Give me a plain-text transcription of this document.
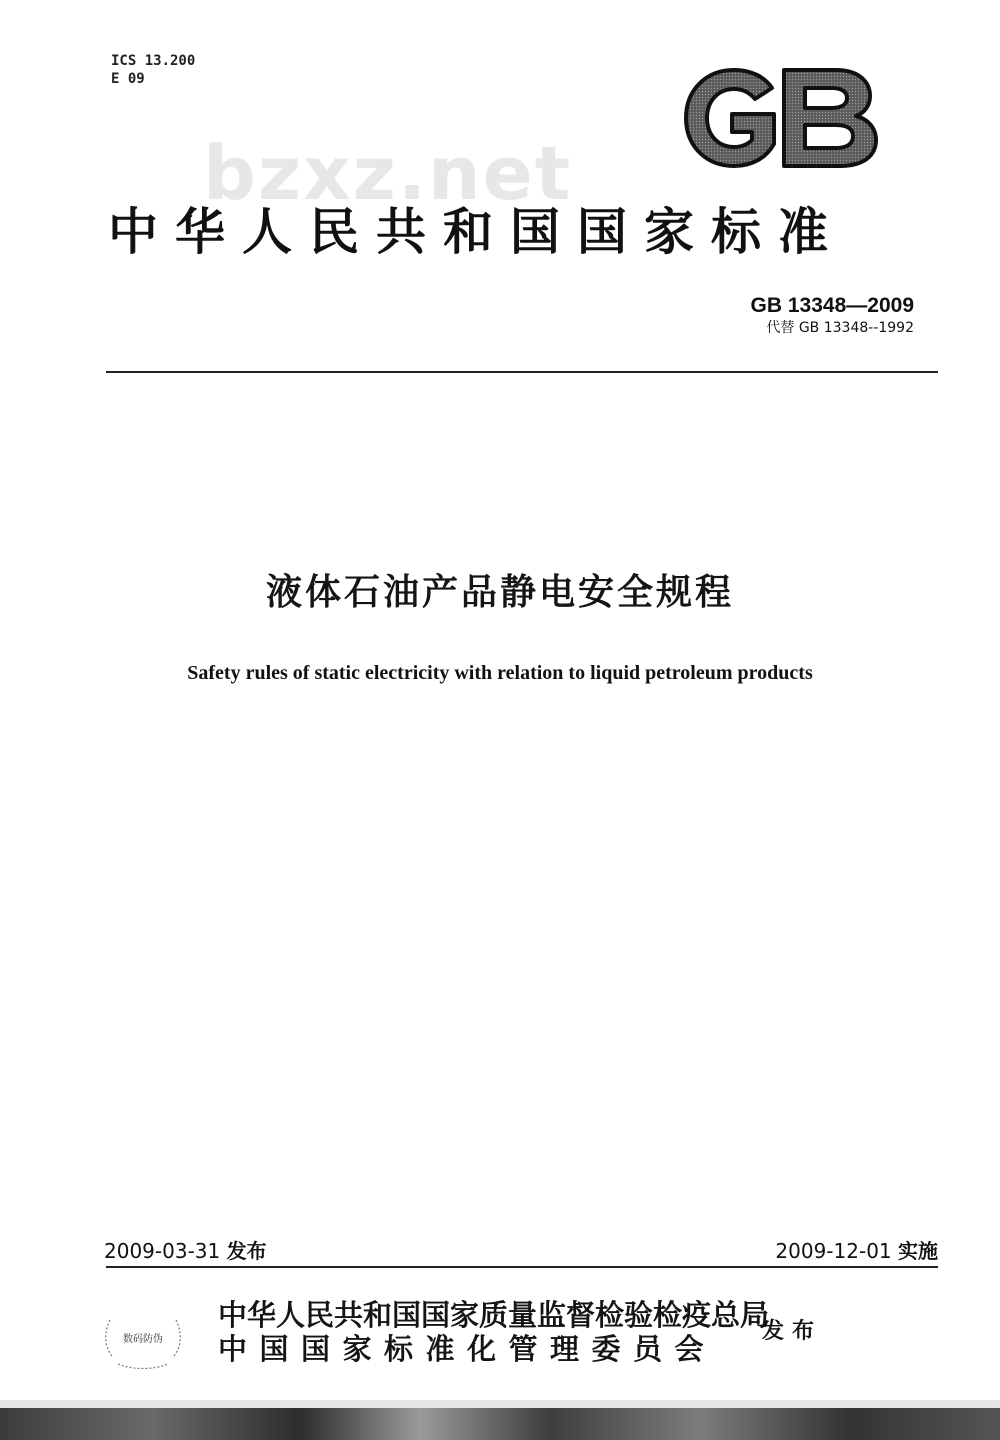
ICS 13.200
E 09
bzxz.net
中华人民共和国国家标准
GB 13348—2009
代替 GB 13348--1992
液体石油产品静电安全规程
Safety rules of static electricity with relation to liquid petroleum products
2009-03-31 发布	2009-12-01 实施
数码防伪
中华人民共和国国家质量监督检验检疫总局
中国国家标准化管理委员会
发布
